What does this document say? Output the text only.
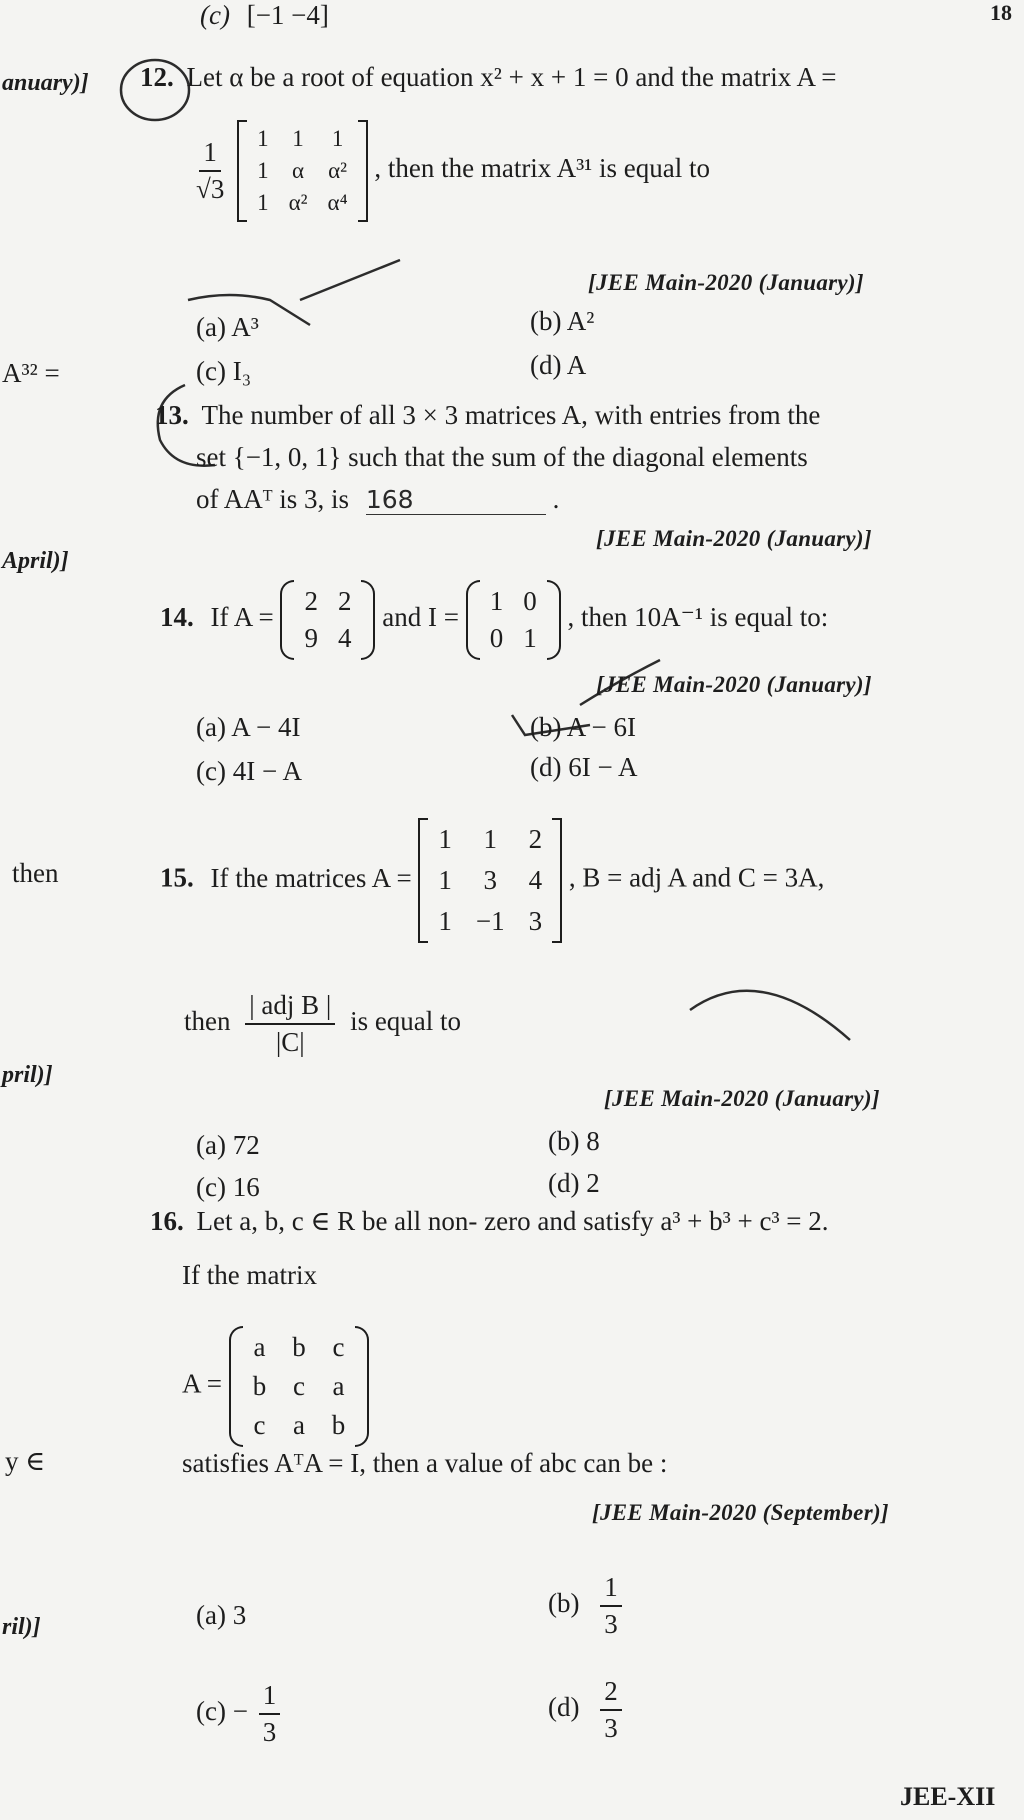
(c) [−1 −4]	18
anuary)]
A³² =
April)]
then
pril)]
y ∈
ril)]
12. Let α be a root of equation x² + x + 1 = 0 and the matrix A =
$\frac{1}{√3}$
1 1 1
1 α α²
1 α² α⁴
, then the matrix A³¹ is equal to
[JEE Main-2020 (January)]
(a) A³	(b) A²
(c) I₃	(d) A
13. The number of all 3 × 3 matrices A, with entries from the
set {−1, 0, 1} such that the sum of the diagonal elements
of AAᵀ is 3, is 168	.
[JEE Main-2020 (January)]
14. If A =
2 2
9 4
and I =
1 0
0 1
, then 10A⁻¹ is equal to:
[JEE Main-2020 (January)]
(a) A − 4I	(b) A − 6I
(c) 4I − A	(d) 6I − A
15. If the matrices A =
1 1 2
1 3 4
1 −1 3
, B = adj A and C = 3A,
then $\frac{\text{| adj B |}}{|C|}$ is equal to
[JEE Main-2020 (January)]
(a) 72	(b) 8
(c) 16	(d) 2
16. Let a, b, c ∈ R be all non- zero and satisfy a³ + b³ + c³ = 2.
If the matrix
A =
a b c
b c a
c a b
satisfies AᵀA = I, then a value of abc can be :
[JEE Main-2020 (September)]
(a) 3	$(b) \frac{1}{3}$
$(c) - \frac{1}{3}$	$(d) \frac{2}{3}$
JEE-XII
